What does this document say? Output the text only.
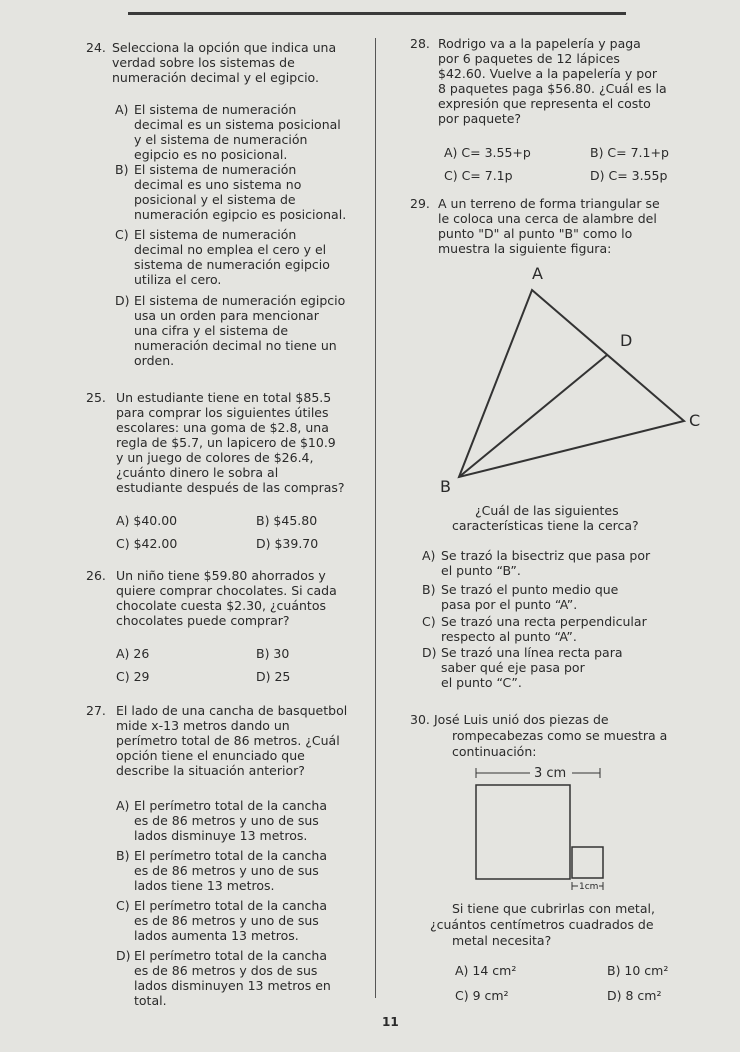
24. Selecciona la opción que indica una
verdad sobre los sistemas de
numeración decimal y el egipcio.
A) El sistema de numeración
decimal es un sistema posicional
y el sistema de numeración
egipcio es no posicional.
B) El sistema de numeración
decimal es uno sistema no
posicional y el sistema de
numeración egipcio es posicional.
C) El sistema de numeración
decimal no emplea el cero y el
sistema de numeración egipcio
utiliza el cero.
D) El sistema de numeración egipcio
usa un orden para mencionar
una cifra y el sistema de
numeración decimal no tiene un
orden.
25. Un estudiante tiene en total $85.5
para comprar los siguientes útiles
escolares: una goma de $2.8, una
regla de $5.7, un lapicero de $10.9
y un juego de colores de $26.4,
¿cuánto dinero le sobra al
estudiante después de las compras?
A) $40.00	B) $45.80
C) $42.00	D) $39.70
26. Un niño tiene $59.80 ahorrados y
quiere comprar chocolates. Si cada
chocolate cuesta $2.30, ¿cuántos
chocolates puede comprar?
A) 26	B) 30
C) 29	D) 25
27. El lado de una cancha de basquetbol
mide x-13 metros dando un
perímetro total de 86 metros. ¿Cuál
opción tiene el enunciado que
describe la situación anterior?
A) El perímetro total de la cancha
es de 86 metros y uno de sus
lados disminuye 13 metros.
B) El perímetro total de la cancha
es de 86 metros y uno de sus
lados tiene 13 metros.
C) El perímetro total de la cancha
es de 86 metros y uno de sus
lados aumenta 13 metros.
D) El perímetro total de la cancha
es de 86 metros y dos de sus
lados disminuyen 13 metros en
total.
28. Rodrigo va a la papelería y paga
por 6 paquetes de 12 lápices
$42.60. Vuelve a la papelería y por
8 paquetes paga $56.80. ¿Cuál es la
expresión que representa el costo
por paquete?
A) C= 3.55+p	B) C= 7.1+p
C) C= 7.1p	D) C= 3.55p
29. A un terreno de forma triangular se
le coloca una cerca de alambre del
punto "D" al punto "B" como lo
muestra la siguiente figura:
A
D
C
B
¿Cuál de las siguientes
características tiene la cerca?
A) Se trazó la bisectriz que pasa por
el punto “B”.
B) Se trazó el punto medio que
pasa por el punto “A”.
C) Se trazó una recta perpendicular
respecto al punto “A”.
D) Se trazó una línea recta para
saber qué eje pasa por
el punto “C”.
30. José Luis unió dos piezas de
rompecabezas como se muestra a
continuación:
3 cm
1cm
Si tiene que cubrirlas con metal,
¿cuántos centímetros cuadrados de
metal necesita?
A) 14 cm²	B) 10 cm²
C) 9 cm²	D) 8 cm²
11
